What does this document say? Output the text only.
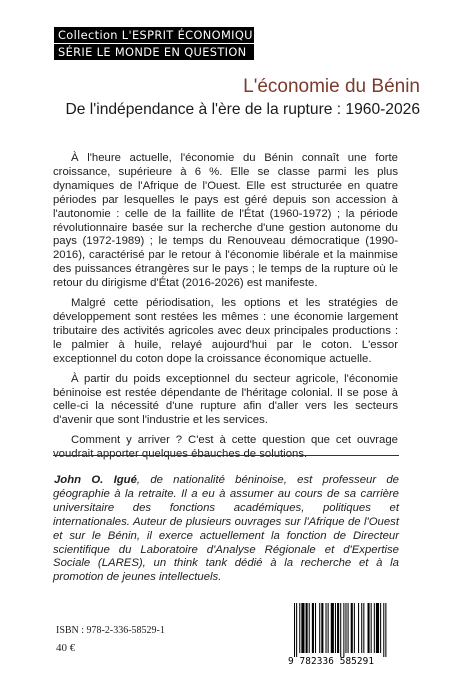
Collection L'ESPRIT ÉCONOMIQUE
SÉRIE LE MONDE EN QUESTION
L'économie du Bénin
De l'indépendance à l'ère de la rupture : 1960-2026

À l'heure actuelle, l'économie du Bénin connaît une forte croissance, supérieure à 6 %. Elle se classe parmi les plus dynamiques de l'Afrique de l'Ouest. Elle est structurée en quatre périodes par lesquelles le pays est géré depuis son accession à l'autonomie : celle de la faillite de l'État (1960-1972) ; la période révolutionnaire basée sur la recherche d'une gestion autonome du pays (1972-1989) ; le temps du Renouveau démocratique (1990-2016), caractérisé par le retour à l'économie libérale et la mainmise des puissances étrangères sur le pays ; le temps de la rupture où le retour du dirigisme d'État (2016-2026) est manifeste.

Malgré cette périodisation, les options et les stratégies de développement sont restées les mêmes : une économie largement tributaire des activités agricoles avec deux principales productions : le palmier à huile, relayé aujourd'hui par le coton. L'essor exceptionnel du coton dope la croissance économique actuelle.

À partir du poids exceptionnel du secteur agricole, l'économie béninoise est restée dépendante de l'héritage colonial. Il se pose à celle-ci la nécessité d'une rupture afin d'aller vers les secteurs d'avenir que sont l'industrie et les services.

Comment y arriver ? C'est à cette question que cet ouvrage voudrait apporter quelques ébauches de solutions.

John O. Igué, de nationalité béninoise, est professeur de géographie à la retraite. Il a eu à assumer au cours de sa carrière universitaire des fonctions académiques, politiques et internationales. Auteur de plusieurs ouvrages sur l'Afrique de l'Ouest et sur le Bénin, il exerce actuellement la fonction de Directeur scientifique du Laboratoire d'Analyse Régionale et d'Expertise Sociale (LARES), un think tank dédié à la recherche et à la promotion de jeunes intellectuels.
ISBN : 978-2-336-58529-1
40 €
9 782336 585291
